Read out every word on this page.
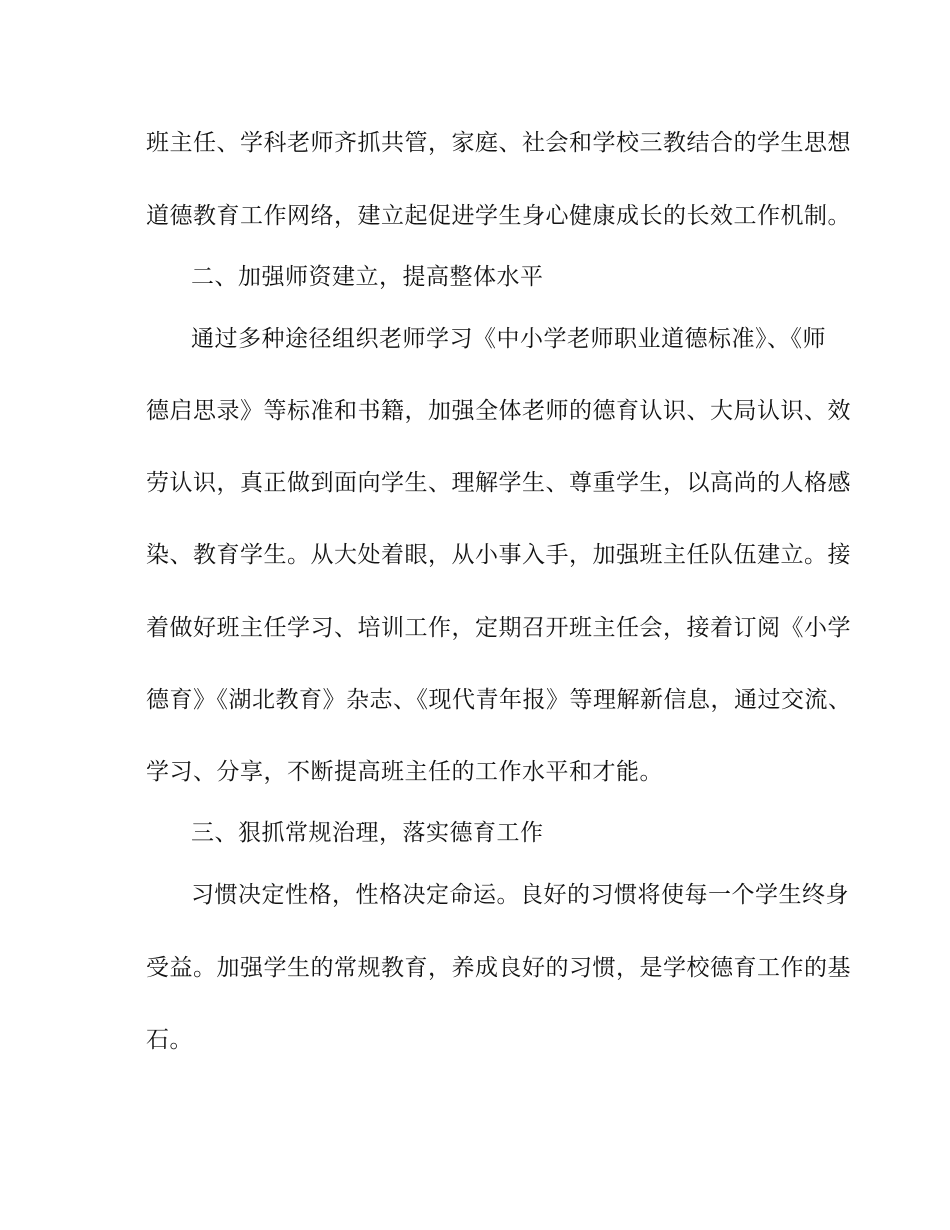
班主任、学科老师齐抓共管，家庭、社会和学校三教结合的学生思想
道德教育工作网络，建立起促进学生身心健康成长的长效工作机制。
二、加强师资建立，提高整体水平
通过多种途径组织老师学习《中小学老师职业道德标准》、《师
德启思录》等标准和书籍，加强全体老师的德育认识、大局认识、效
劳认识，真正做到面向学生、理解学生、尊重学生，以高尚的人格感
染、教育学生。从大处着眼，从小事入手，加强班主任队伍建立。接
着做好班主任学习、培训工作，定期召开班主任会，接着订阅《小学
德育》《湖北教育》杂志、《现代青年报》等理解新信息，通过交流、
学习、分享，不断提高班主任的工作水平和才能。
三、狠抓常规治理，落实德育工作
习惯决定性格，性格决定命运。良好的习惯将使每一个学生终身
受益。加强学生的常规教育，养成良好的习惯，是学校德育工作的基
石。
